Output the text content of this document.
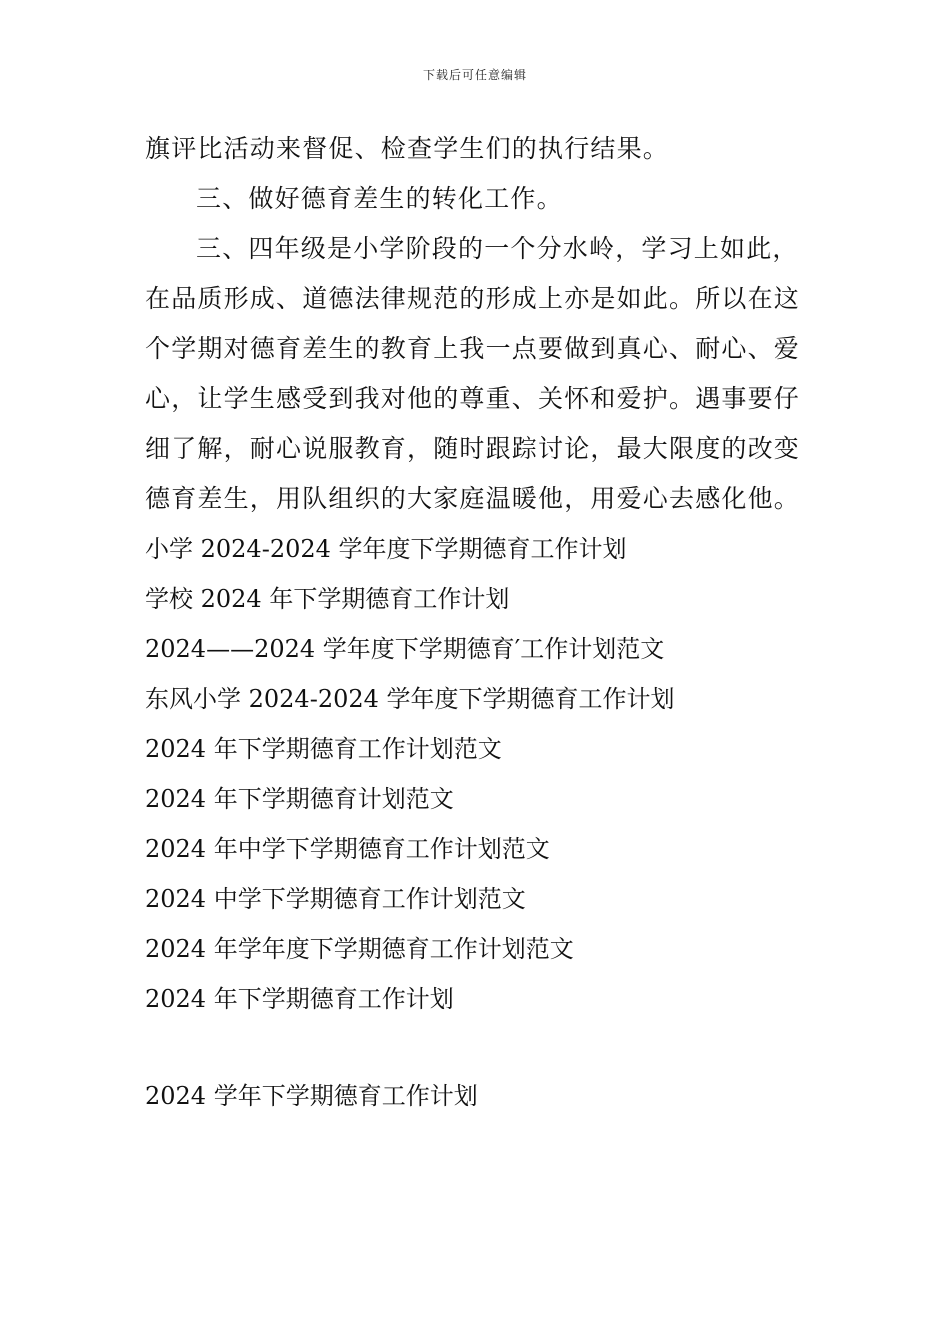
下载后可任意编辑
旗评比活动来督促、检查学生们的执行结果。
三、做好德育差生的转化工作。
三、四年级是小学阶段的一个分水岭，学习上如此，
在品质形成、道德法律规范的形成上亦是如此。所以在这
个学期对德育差生的教育上我一点要做到真心、耐心、爱
心，让学生感受到我对他的尊重、关怀和爱护。遇事要仔
细了解，耐心说服教育，随时跟踪讨论，最大限度的改变
德育差生，用队组织的大家庭温暖他，用爱心去感化他。
小学 2024-2024 学年度下学期德育工作计划
学校 2024 年下学期德育工作计划
2024——2024 学年度下学期德育′工作计划范文
东风小学 2024-2024 学年度下学期德育工作计划
2024 年下学期德育工作计划范文
2024 年下学期德育计划范文
2024 年中学下学期德育工作计划范文
2024 中学下学期德育工作计划范文
2024 年学年度下学期德育工作计划范文
2024 年下学期德育工作计划
2024 学年下学期德育工作计划
